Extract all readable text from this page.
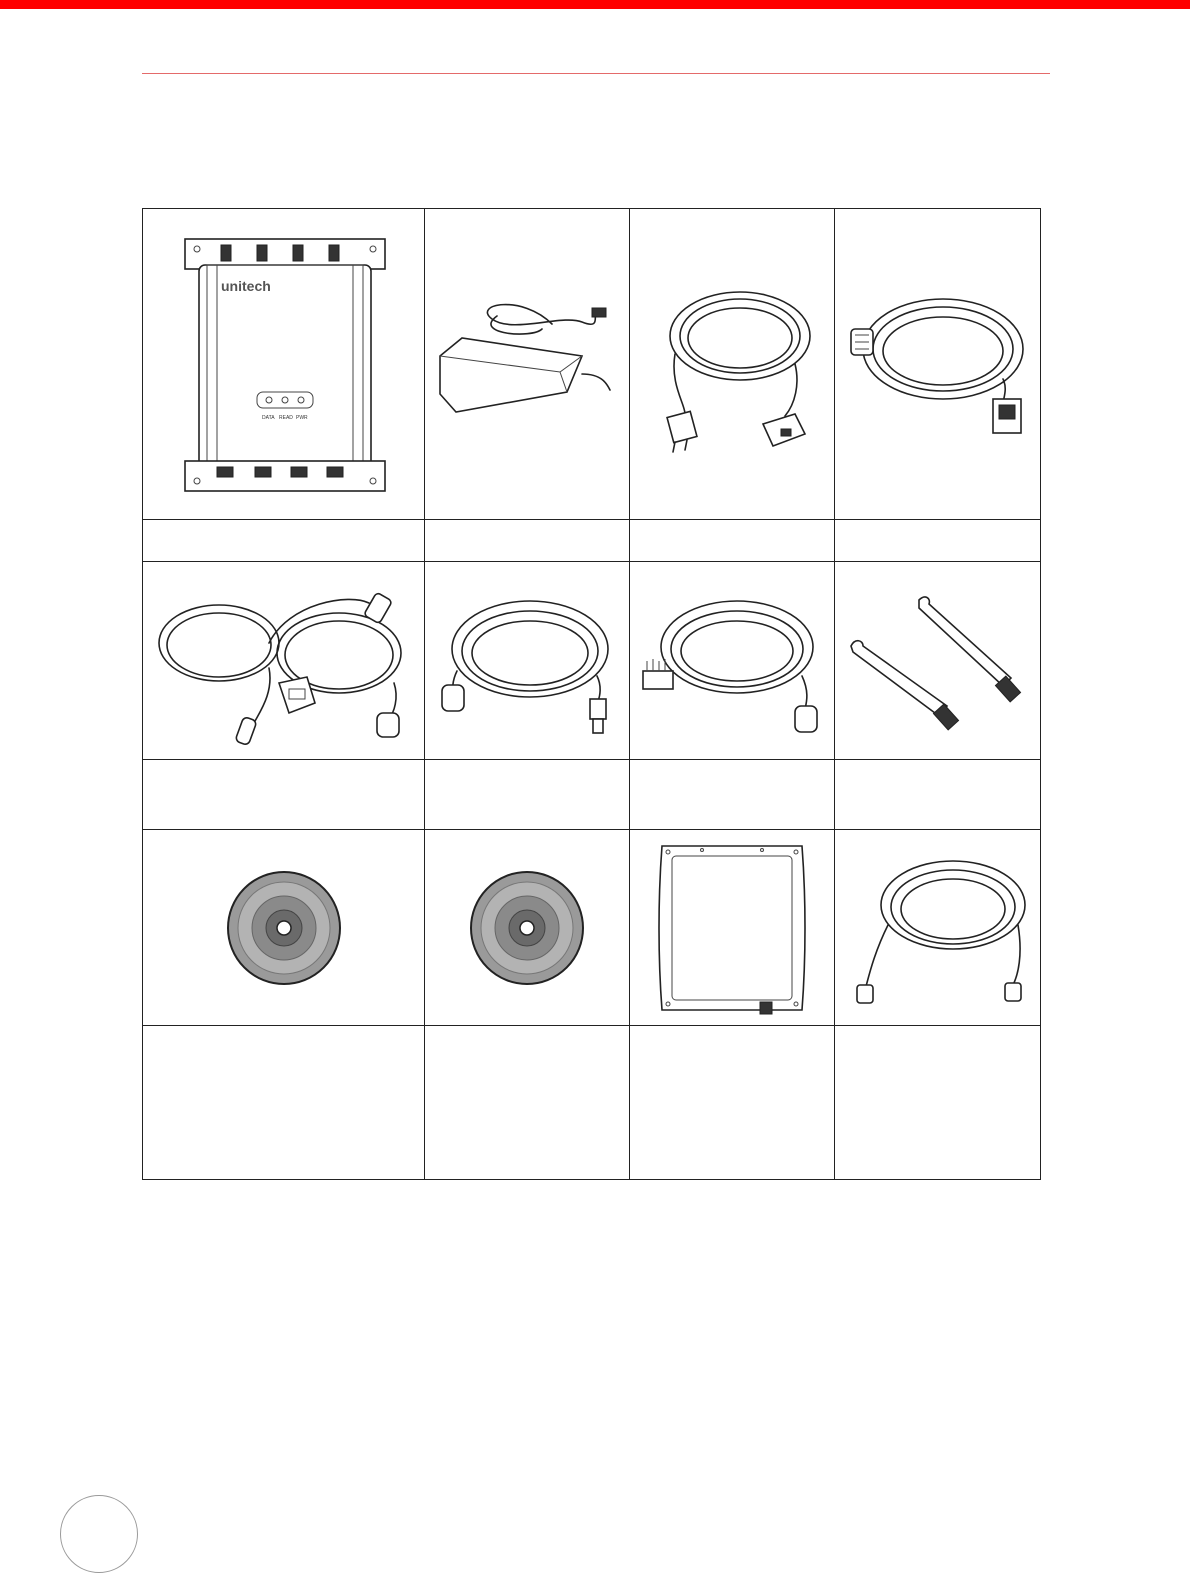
unitech
DATA READ PWR
